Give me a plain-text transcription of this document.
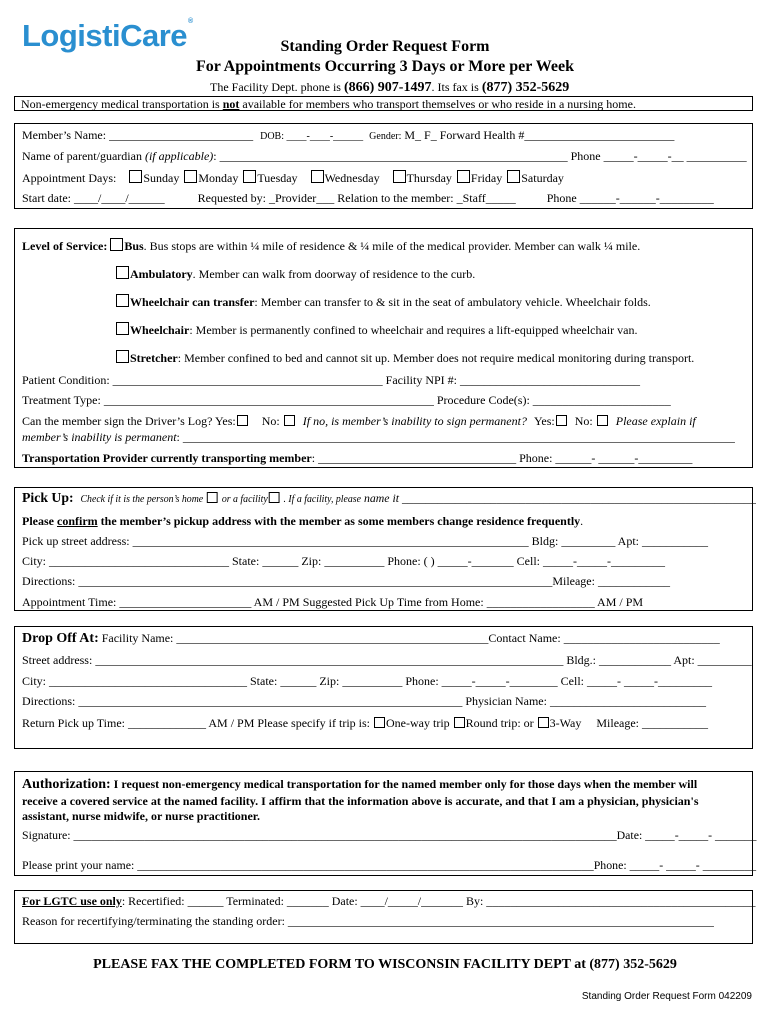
LogistiCare®
Standing Order Request Form
For Appointments Occurring 3 Days or More per Week
The Facility Dept. phone is (866) 907-1497. Its fax is (877) 352-5629
Non-emergency medical transportation is not available for members who transport themselves or who reside in a nursing home.
Member’s Name: ________________________ DOB: ____-____-______ Gender: M_ F_ Forward Health #_________________________
Name of parent/guardian (if applicable): __________________________________________________________ Phone _____-_____-__ __________
Appointment Days: Sunday Monday Tuesday Wednesday Thursday Friday Saturday
Start date: ____/____/______	Requested by: _Provider___ Relation to the member: _Staff_____	Phone ______-______-_________
Level of Service: Bus. Bus stops are within ¼ mile of residence & ¼ mile of the medical provider. Member can walk ¼ mile.
Ambulatory. Member can walk from doorway of residence to the curb.
Wheelchair can transfer: Member can transfer to & sit in the seat of ambulatory vehicle. Wheelchair folds.
Wheelchair: Member is permanently confined to wheelchair and requires a lift-equipped wheelchair van.
Stretcher: Member confined to bed and cannot sit up. Member does not require medical monitoring during transport.
Patient Condition: _____________________________________________ Facility NPI #: ______________________________
Treatment Type: _______________________________________________________ Procedure Code(s): _______________________
Can the member sign the Driver’s Log? Yes: No: If no, is member’s inability to sign permanent? Yes: No: Please explain if
member’s inability is permanent: ____________________________________________________________________________________________
Transportation Provider currently transporting member: _________________________________ Phone: ______- ______-_________
Pick Up: Check if it is the person’s home or a facility . If a facility, please name it ____________________________________________________________
Please confirm the member’s pickup address with the member as some members change residence frequently.
Pick up street address: __________________________________________________________________ Bldg: _________ Apt: ___________
City: ______________________________ State: ______ Zip: __________ Phone: ( ) _____-_______ Cell: _____-_____-_________
Directions: _______________________________________________________________________________Mileage: ____________
Appointment Time: ______________________ AM / PM Suggested Pick Up Time from Home: __________________ AM / PM
Drop Off At: Facility Name: ____________________________________________________Contact Name: __________________________
Street address: ______________________________________________________________________________ Bldg.: ____________ Apt: _________
City: _________________________________ State: ______ Zip: __________ Phone: _____-_____-________ Cell: _____- _____-_________
Directions: ________________________________________________________________ Physician Name: __________________________
Return Pick up Time: _____________ AM / PM Please specify if trip is: One-way trip Round trip: or 3-Way Mileage: ___________
Authorization: I request non-emergency medical transportation for the named member only for those days when the member will
receive a covered service at the named facility. I affirm that the information above is accurate, and that I am a physician, physician's
assistant, nurse midwife, or nurse practitioner.
Signature: ____________________________________________________________________________________________Date: _____-_____- _______
Please print your name: _____________________________________________________________________________Phone: _____- _____- _________
For LGTC use only: Recertified: ______ Terminated: _______ Date: ____/_____/_______ By: _____________________________________________
Reason for recertifying/terminating the standing order: _______________________________________________________________________
PLEASE FAX THE COMPLETED FORM TO WISCONSIN FACILITY DEPT at (877) 352-5629
Standing Order Request Form 042209
